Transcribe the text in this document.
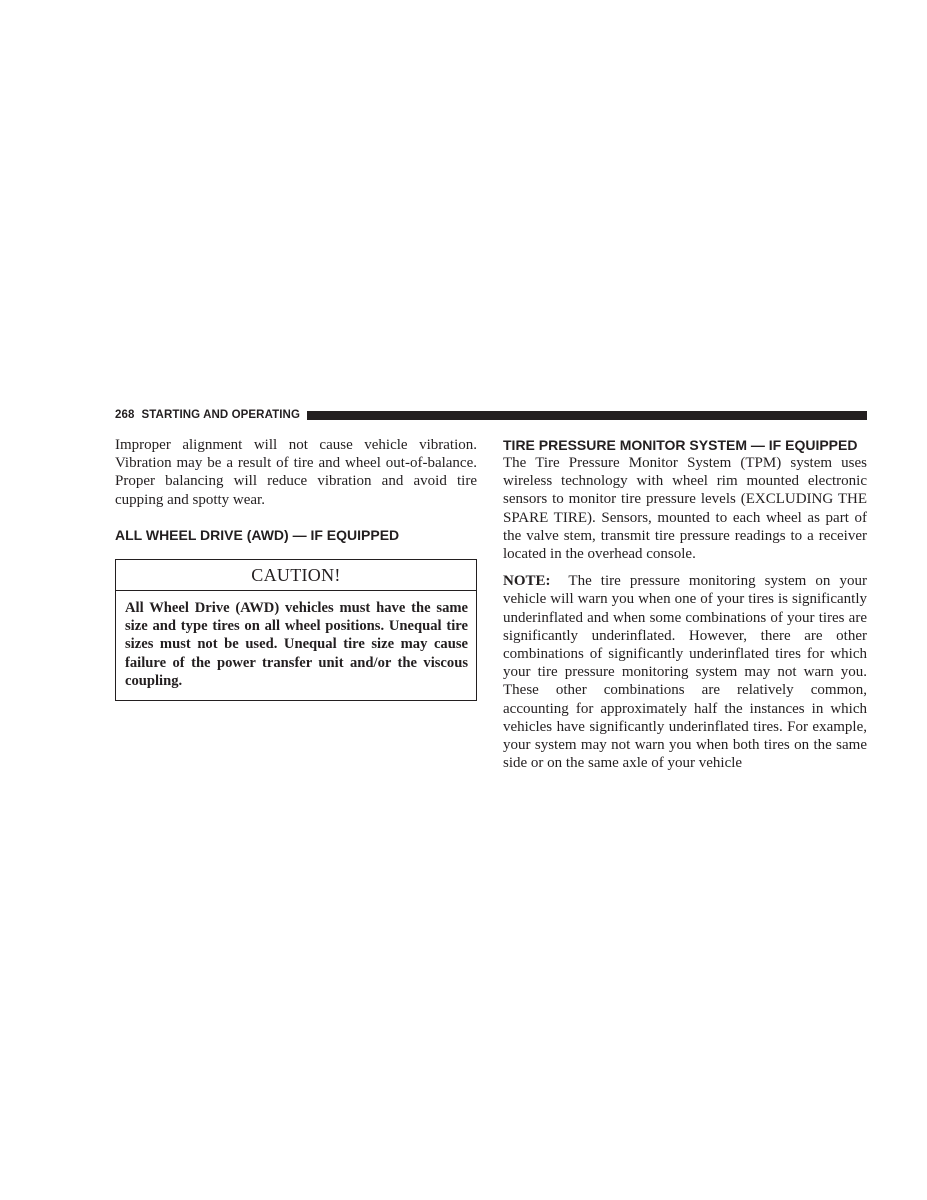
268 STARTING AND OPERATING

Improper alignment will not cause vehicle vibration. Vibration may be a result of tire and wheel out-of-balance. Proper balancing will reduce vibration and avoid tire cupping and spotty wear.

ALL WHEEL DRIVE (AWD) — IF EQUIPPED
CAUTION!
All Wheel Drive (AWD) vehicles must have the same size and type tires on all wheel positions. Unequal tire sizes must not be used. Unequal tire size may cause failure of the power transfer unit and/or the viscous coupling.
TIRE PRESSURE MONITOR SYSTEM — IF EQUIPPED

The Tire Pressure Monitor System (TPM) system uses wireless technology with wheel rim mounted electronic sensors to monitor tire pressure levels (EXCLUDING THE SPARE TIRE). Sensors, mounted to each wheel as part of the valve stem, transmit tire pressure readings to a receiver located in the overhead console.

NOTE: The tire pressure monitoring system on your vehicle will warn you when one of your tires is significantly underinflated and when some combinations of your tires are significantly underinflated. However, there are other combinations of significantly underinflated tires for which your tire pressure monitoring system may not warn you. These other combinations are relatively common, accounting for approximately half the instances in which vehicles have significantly underinflated tires. For example, your system may not warn you when both tires on the same side or on the same axle of your vehicle
